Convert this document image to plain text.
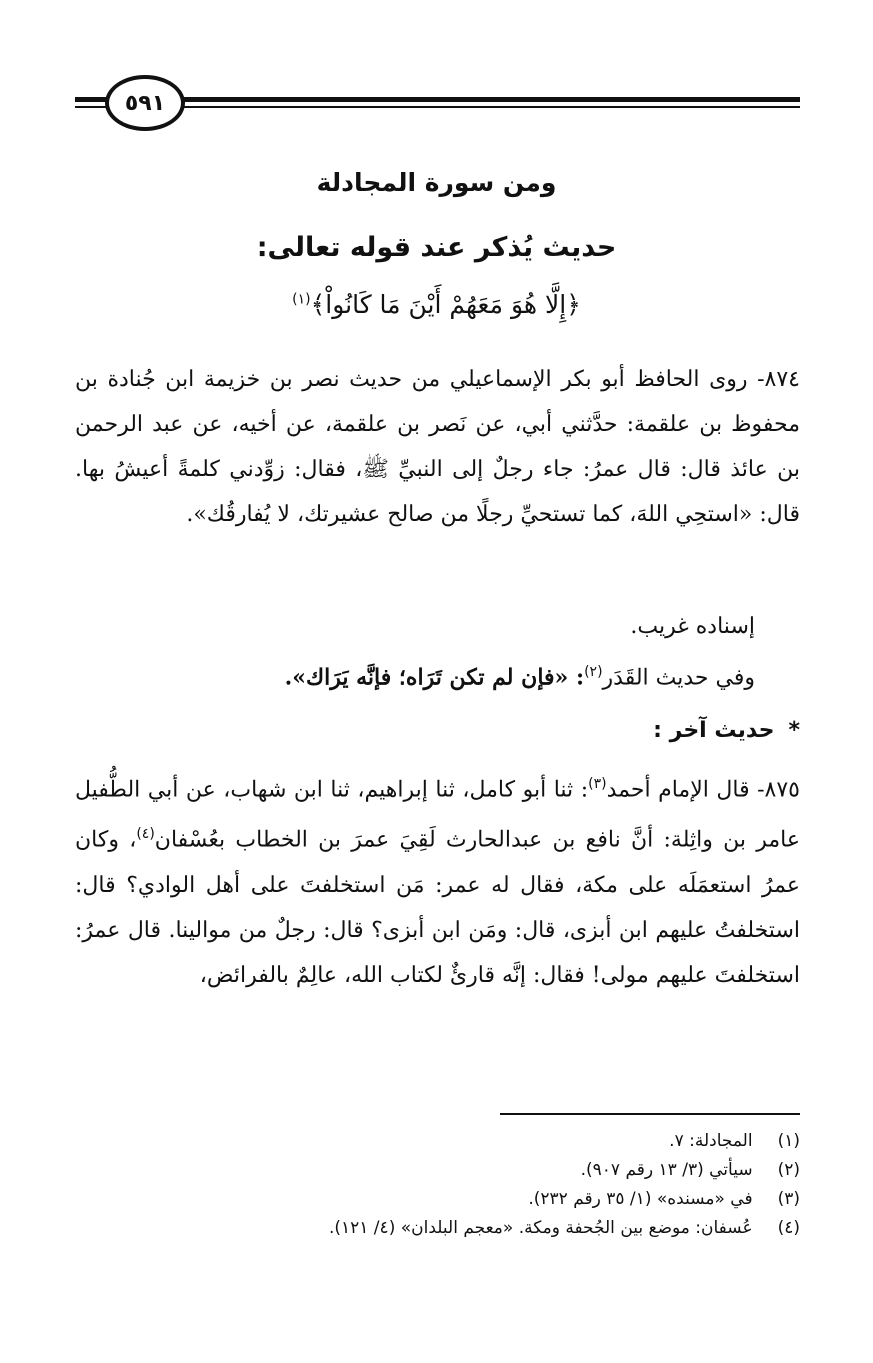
٥٩١
ومن سورة المجادلة
حديث يُذكر عند قوله تعالى:
﴿إِلَّا هُوَ مَعَهُمْ أَيْنَ مَا كَانُواْ﴾$^{(١)}$
٨٧٤- روى الحافظ أبو بكر الإسماعيلي من حديث نصر بن خزيمة ابن جُنادة بن محفوظ بن علقمة: حدَّثني أبي، عن نَصر بن علقمة، عن أخيه، عن عبد الرحمن بن عائذ قال: قال عمرُ: جاء رجلٌ إلى النبيِّ ﷺ، فقال: زوِّدني كلمةً أعيشُ بها. قال: «استحِي اللهَ، كما تستحيِّ رجلًا من صالح عشيرتك، لا يُفارقُك».
إسناده غريب.
وفي حديث القَدَر$^{(٢)}$: «فإن لم تكن تَرَاه؛ فإنَّه يَرَاك».
*حديث آخر :
٨٧٥- قال الإمام أحمد$^{(٣)}$: ثنا أبو كامل، ثنا إبراهيم، ثنا ابن شهاب، عن أبي الطُّفيل عامر بن واثِلة: أنَّ نافع بن عبدالحارث لَقِيَ عمرَ بن الخطاب بعُسْفان$^{(٤)}$، وكان عمرُ استعمَلَه على مكة، فقال له عمر: مَن استخلفتَ على أهل الوادي؟ قال: استخلفتُ عليهم ابن أبزى، قال: ومَن ابن أبزى؟ قال: رجلٌ من موالينا. قال عمرُ: استخلفتَ عليهم مولى! فقال: إنَّه قارئٌ لكتاب الله، عالِمٌ بالفرائض،
(١) المجادلة: ٧.
(٢) سيأتي (٣/ ١٣ رقم ٩٠٧).
(٣) في «مسنده» (١/ ٣٥ رقم ٢٣٢).
(٤) عُسفان: موضع بين الجُحفة ومكة. «معجم البلدان» (٤/ ١٢١).
